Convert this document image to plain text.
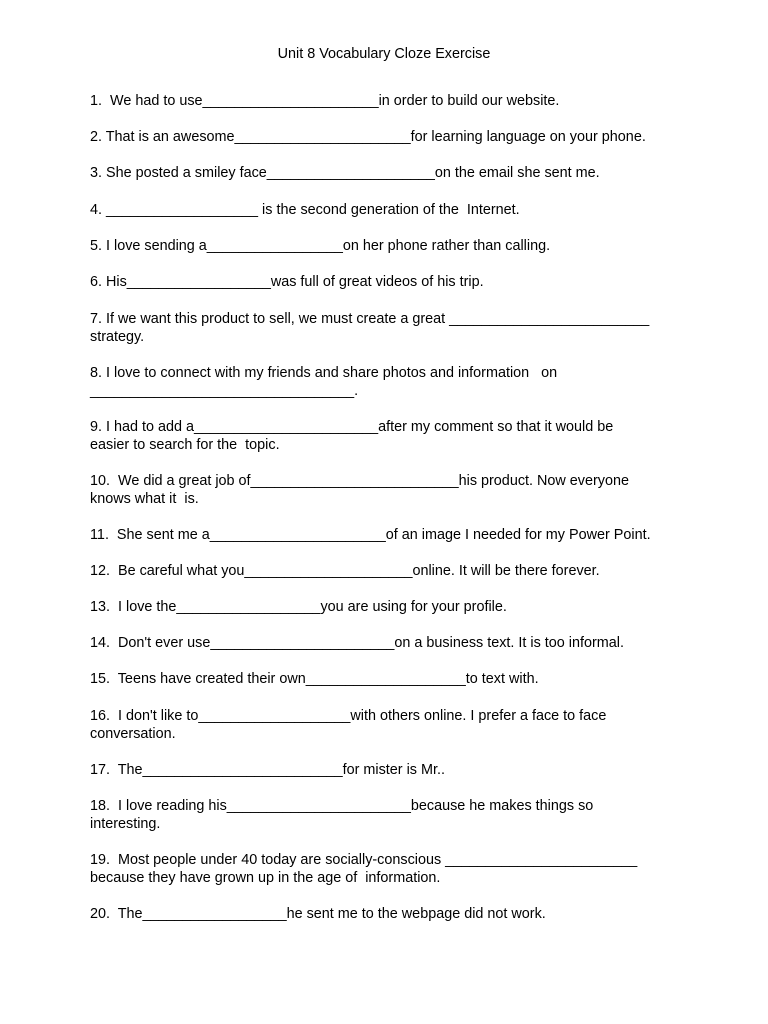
Unit 8 Vocabulary Cloze Exercise
1.  We had to use______________________in order to build our website.
2. That is an awesome______________________for learning language on your phone.
3. She posted a smiley face_____________________on the email she sent me.
4. ___________________ is the second generation of the  Internet.
5. I love sending a_________________on her phone rather than calling.
6. His__________________was full of great videos of his trip.
7. If we want this product to sell, we must create a great _________________________
strategy.
8. I love to connect with my friends and share photos and information   on
_________________________________.
9. I had to add a_______________________after my comment so that it would be
easier to search for the  topic.
10.  We did a great job of__________________________his product. Now everyone
knows what it  is.
11.  She sent me a______________________of an image I needed for my Power Point.
12.  Be careful what you_____________________online. It will be there forever.
13.  I love the__________________you are using for your profile.
14.  Don't ever use_______________________on a business text. It is too informal.
15.  Teens have created their own____________________to text with.
16.  I don't like to___________________with others online. I prefer a face to face
conversation.
17.  The_________________________for mister is Mr..
18.  I love reading his_______________________because he makes things so
interesting.
19.  Most people under 40 today are socially-conscious ________________________
because they have grown up in the age of  information.
20.  The__________________he sent me to the webpage did not work.
